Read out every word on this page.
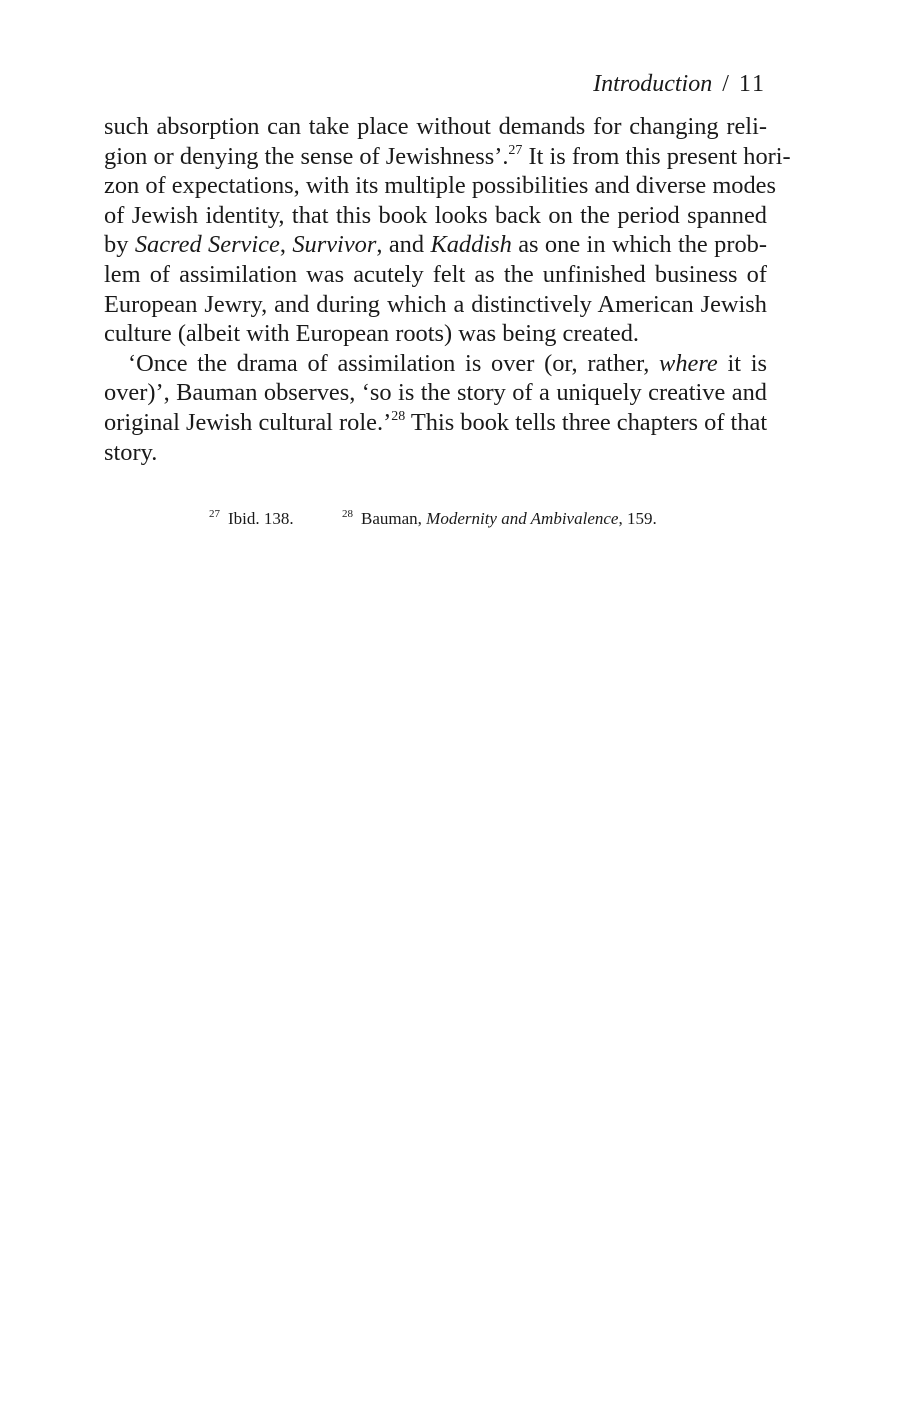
Introduction / 11
such absorption can take place without demands for changing reli-
gion or denying the sense of Jewishness’.$^{27}$ It is from this present hori-
zon of expectations, with its multiple possibilities and diverse modes
of Jewish identity, that this book looks back on the period spanned
by Sacred Service, Survivor, and Kaddish as one in which the prob-
lem of assimilation was acutely felt as the unfinished business of
European Jewry, and during which a distinctively American Jewish
culture (albeit with European roots) was being created.
‘Once the drama of assimilation is over (or, rather, where it is
over)’, Bauman observes, ‘so is the story of a uniquely creative and
original Jewish cultural role.’$^{28}$ This book tells three chapters of that
story.
$^{27}$ Ibid. 138.	$^{28}$ Bauman, Modernity and Ambivalence, 159.
